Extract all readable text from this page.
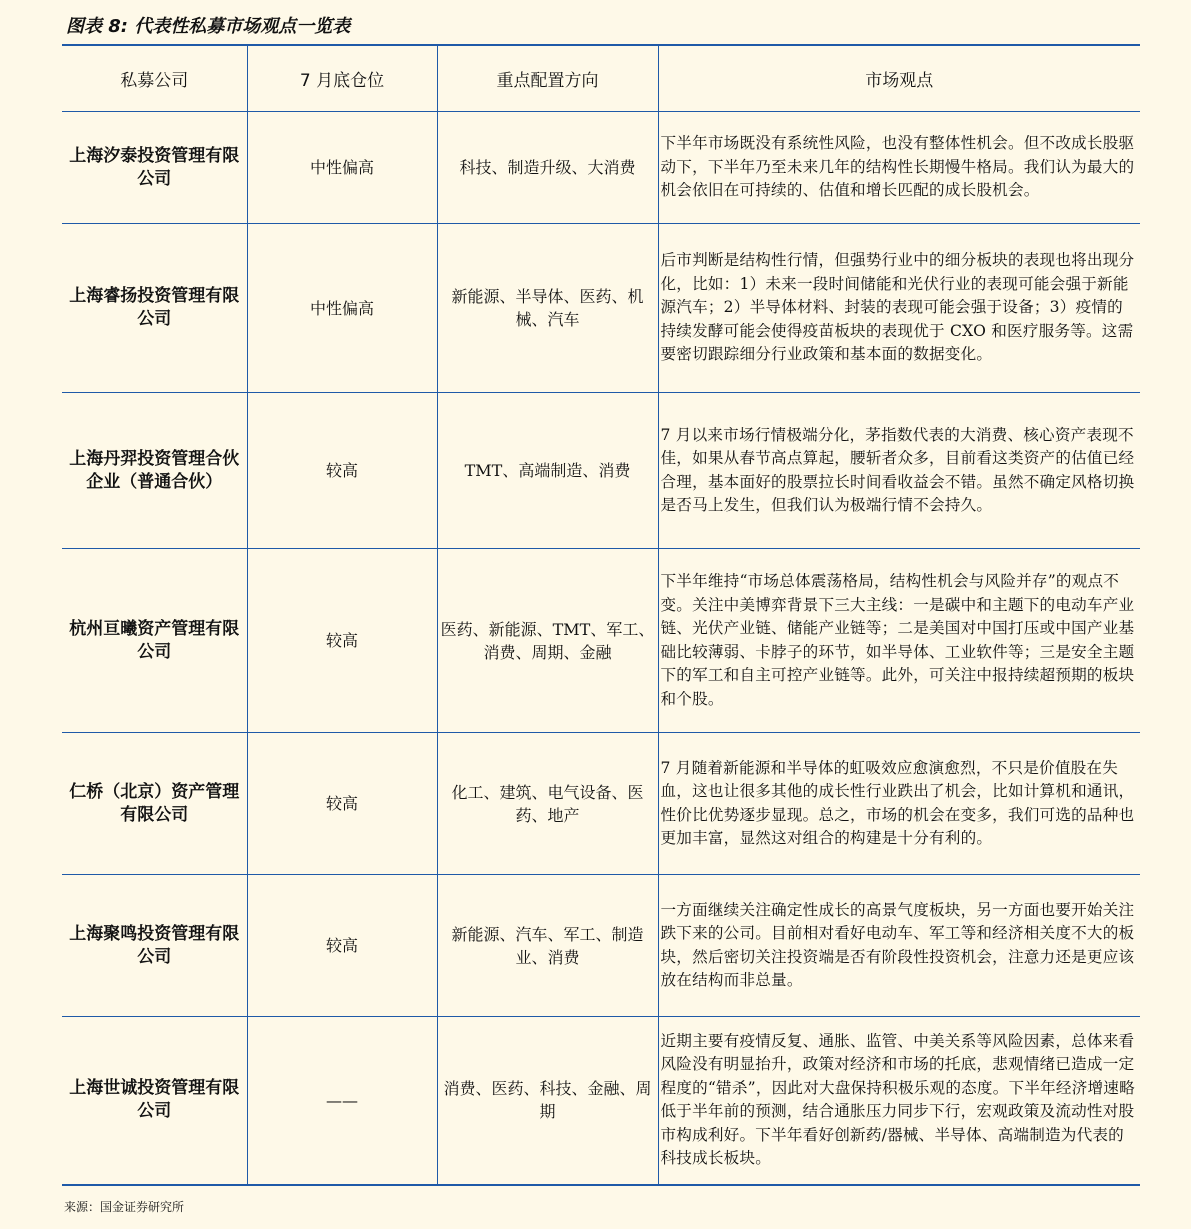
图表 8: 代表性私募市场观点一览表
私募公司	7 月底仓位	重点配置方向	市场观点
上海汐泰投资管理有限公司	中性偏高	科技、制造升级、大消费	下半年市场既没有系统性风险，也没有整体性机会。但不改成长股驱动下，下半年乃至未来几年的结构性长期慢牛格局。我们认为最大的机会依旧在可持续的、估值和增长匹配的成长股机会。
上海睿扬投资管理有限公司	中性偏高	新能源、半导体、医药、机械、汽车	后市判断是结构性行情，但强势行业中的细分板块的表现也将出现分化，比如：1）未来一段时间储能和光伏行业的表现可能会强于新能源汽车；2）半导体材料、封装的表现可能会强于设备；3）疫情的持续发酵可能会使得疫苗板块的表现优于 CXO 和医疗服务等。这需要密切跟踪细分行业政策和基本面的数据变化。
上海丹羿投资管理合伙企业（普通合伙）	较高	TMT、高端制造、消费	7 月以来市场行情极端分化，茅指数代表的大消费、核心资产表现不佳，如果从春节高点算起，腰斩者众多，目前看这类资产的估值已经合理，基本面好的股票拉长时间看收益会不错。虽然不确定风格切换是否马上发生，但我们认为极端行情不会持久。
杭州亘曦资产管理有限公司	较高	医药、新能源、TMT、军工、消费、周期、金融	下半年维持“市场总体震荡格局，结构性机会与风险并存”的观点不变。关注中美博弈背景下三大主线：一是碳中和主题下的电动车产业链、光伏产业链、储能产业链等；二是美国对中国打压或中国产业基础比较薄弱、卡脖子的环节，如半导体、工业软件等；三是安全主题下的军工和自主可控产业链等。此外，可关注中报持续超预期的板块和个股。
仁桥（北京）资产管理有限公司	较高	化工、建筑、电气设备、医药、地产	7 月随着新能源和半导体的虹吸效应愈演愈烈，不只是价值股在失血，这也让很多其他的成长性行业跌出了机会，比如计算机和通讯，性价比优势逐步显现。总之，市场的机会在变多，我们可选的品种也更加丰富，显然这对组合的构建是十分有利的。
上海聚鸣投资管理有限公司	较高	新能源、汽车、军工、制造业、消费	一方面继续关注确定性成长的高景气度板块，另一方面也要开始关注跌下来的公司。目前相对看好电动车、军工等和经济相关度不大的板块，然后密切关注投资端是否有阶段性投资机会，注意力还是更应该放在结构而非总量。
上海世诚投资管理有限公司	——	消费、医药、科技、金融、周期	近期主要有疫情反复、通胀、监管、中美关系等风险因素，总体来看风险没有明显抬升，政策对经济和市场的托底，悲观情绪已造成一定程度的“错杀”，因此对大盘保持积极乐观的态度。下半年经济增速略低于半年前的预测，结合通胀压力同步下行，宏观政策及流动性对股市构成利好。下半年看好创新药/器械、半导体、高端制造为代表的科技成长板块。
来源：国金证券研究所
